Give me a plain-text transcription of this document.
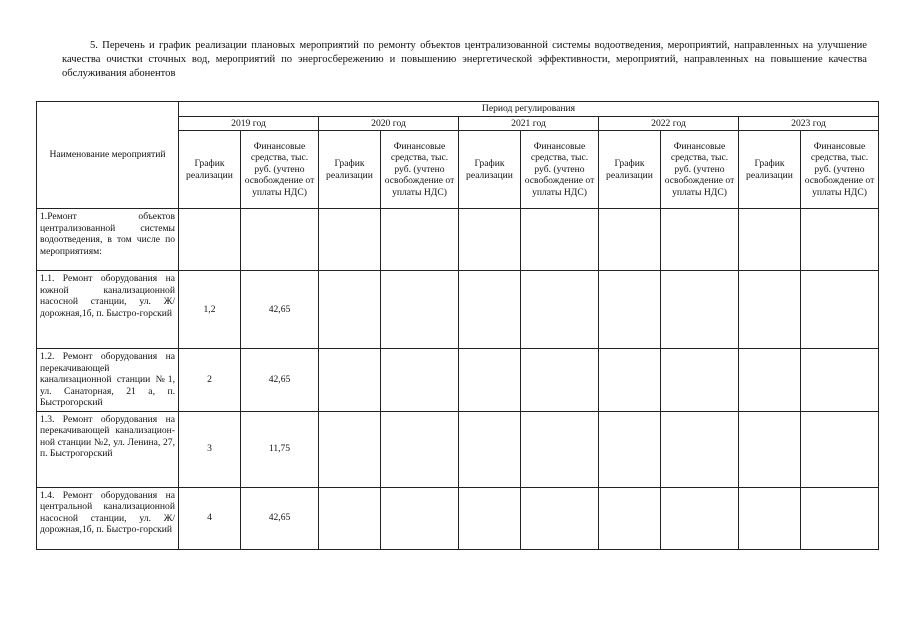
5. Перечень и график реализации плановых мероприятий по ремонту объектов централизованной системы водоотведения, мероприятий, направленных на улучшение качества очистки сточных вод, мероприятий по энергосбережению и повышению энергетической эффективности, мероприятий, направленных на повышение качества обслуживания абонентов
Наименование мероприятий	Период регулирования									
	2019 год		2020 год		2021 год		2022 год		2023 год	
	График реализации	Финансовые средства, тыс. руб. (учтено освобождение от уплаты НДС)	График реализации	Финансовые средства, тыс. руб. (учтено освобождение от уплаты НДС)	График реализации	Финансовые средства, тыс. руб. (учтено освобождение от уплаты НДС)	График реализации	Финансовые средства, тыс. руб. (учтено освобождение от уплаты НДС)	График реализации	Финансовые средства, тыс. руб. (учтено освобождение от уплаты НДС)
1.Ремонт объектов централизованной системы водоотведения, в том числе по мероприятиям:										
1.1. Ремонт оборудования на южной канализационной насосной станции, ул. Ж/дорожная,1б, п. Быстро-горский	1,2	42,65								
1.2. Ремонт оборудования на перекачивающей канализационной станции №1, ул. Санаторная, 21 а, п. Быстрогорский	2	42,65								
1.3. Ремонт оборудования на перекачивающей канализацион-ной станции №2, ул. Ленина, 27, п. Быстрогорский	3	11,75								
1.4. Ремонт оборудования на центральной канализационной насосной станции, ул. Ж/дорожная,1б, п. Быстро-горский	4	42,65								
